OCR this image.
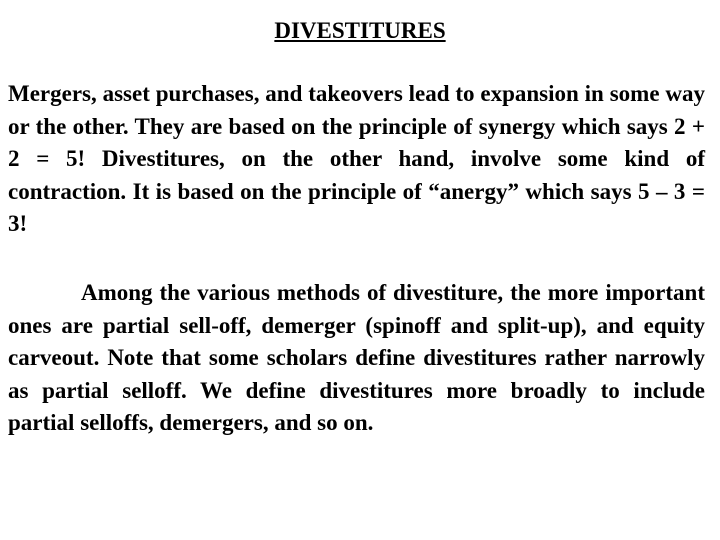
DIVESTITURES

Mergers, asset purchases, and takeovers lead to expansion in some way or the other. They are based on the principle of synergy which says 2 + 2 = 5! Divestitures, on the other hand, involve some kind of contraction. It is based on the principle of “anergy” which says 5 – 3 = 3!

Among the various methods of divestiture, the more important ones are partial sell-off, demerger (spinoff and split-up), and equity carveout. Note that some scholars define divestitures rather narrowly as partial selloff. We define divestitures more broadly to include partial selloffs, demergers, and so on.
